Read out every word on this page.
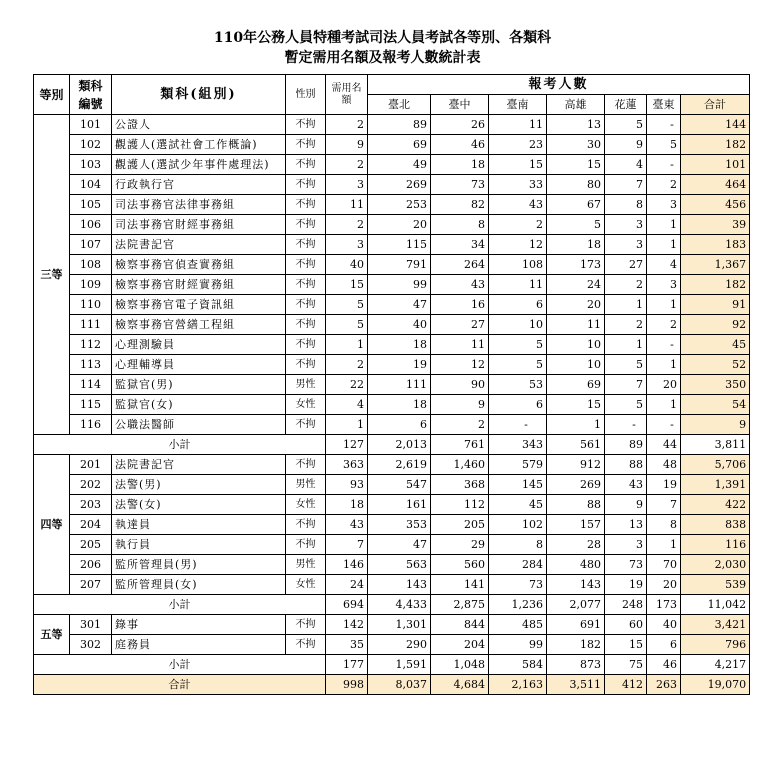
110年公務人員特種考試司法人員考試各等別、各類科
暫定需用名額及報考人數統計表
等別	類科編號	類科(組別)	性別	需用名額	報考人數						
					臺北	臺中	臺南	高雄	花蓮	臺東	合計
三等	101	公證人	不拘	2	89	26	11	13	5	-	144
	102	觀護人(選試社會工作概論)	不拘	9	69	46	23	30	9	5	182
	103	觀護人(選試少年事件處理法)	不拘	2	49	18	15	15	4	-	101
	104	行政執行官	不拘	3	269	73	33	80	7	2	464
	105	司法事務官法律事務組	不拘	11	253	82	43	67	8	3	456
	106	司法事務官財經事務組	不拘	2	20	8	2	5	3	1	39
	107	法院書記官	不拘	3	115	34	12	18	3	1	183
	108	檢察事務官偵查實務組	不拘	40	791	264	108	173	27	4	1,367
	109	檢察事務官財經實務組	不拘	15	99	43	11	24	2	3	182
	110	檢察事務官電子資訊組	不拘	5	47	16	6	20	1	1	91
	111	檢察事務官營繕工程組	不拘	5	40	27	10	11	2	2	92
	112	心理測驗員	不拘	1	18	11	5	10	1	-	45
	113	心理輔導員	不拘	2	19	12	5	10	5	1	52
	114	監獄官(男)	男性	22	111	90	53	69	7	20	350
	115	監獄官(女)	女性	4	18	9	6	15	5	1	54
	116	公職法醫師	不拘	1	6	2	-	1	-	-	9
小計				127	2,013	761	343	561	89	44	3,811
四等	201	法院書記官	不拘	363	2,619	1,460	579	912	88	48	5,706
	202	法警(男)	男性	93	547	368	145	269	43	19	1,391
	203	法警(女)	女性	18	161	112	45	88	9	7	422
	204	執達員	不拘	43	353	205	102	157	13	8	838
	205	執行員	不拘	7	47	29	8	28	3	1	116
	206	監所管理員(男)	男性	146	563	560	284	480	73	70	2,030
	207	監所管理員(女)	女性	24	143	141	73	143	19	20	539
小計				694	4,433	2,875	1,236	2,077	248	173	11,042
五等	301	錄事	不拘	142	1,301	844	485	691	60	40	3,421
	302	庭務員	不拘	35	290	204	99	182	15	6	796
小計				177	1,591	1,048	584	873	75	46	4,217
合計				998	8,037	4,684	2,163	3,511	412	263	19,070
